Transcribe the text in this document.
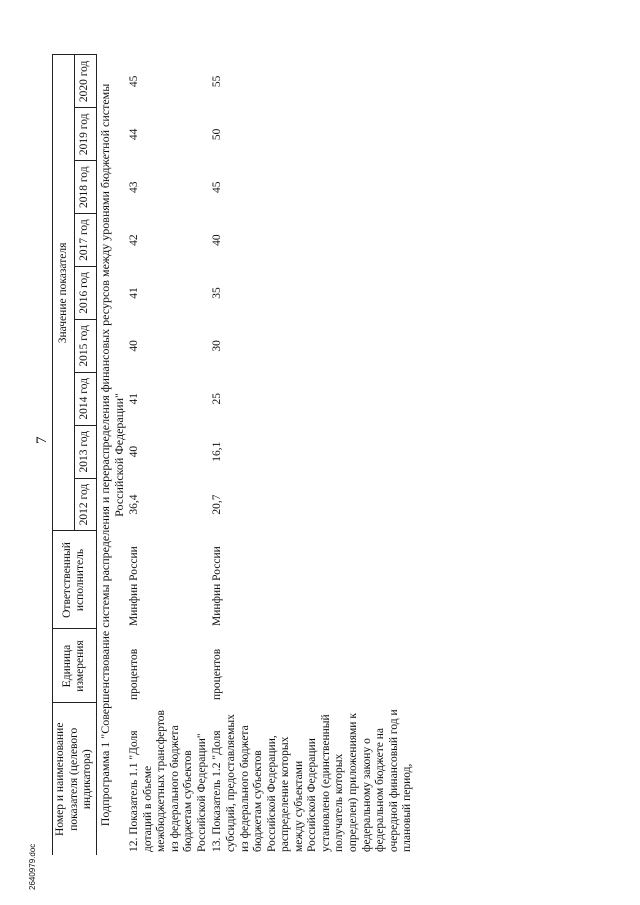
7
2640979.doc
Номер и наименование показателя (целевого индикатора)	Единица измерения	Ответственный исполнитель	Значение показателя								
			2012 год	2013 год	2014 год	2015 год	2016 год	2017 год	2018 год	2019 год	2020 год
Подпрограмма 1 "Совершенствование системы распределения и перераспределения финансовых ресурсов между уровнями бюджетной системы Российской Федерации"											
12. Показатель 1.1 "Доля дотаций в объеме межбюджетных трансфертов из федерального бюджета бюджетам субъектов Российской Федерации"	процентов	Минфин России	36,4	40	41	40	41	42	43	44	45
13. Показатель 1.2 "Доля субсидий, предоставляемых из федерального бюджета бюджетам субъектов Российской Федерации, распределение которых между субъектами Российской Федерации установлено (единственный получатель которых определен) приложениями к федеральному закону о федеральном бюджете на очередной финансовый год и плановый период,	процентов	Минфин России	20,7	16,1	25	30	35	40	45	50	55
